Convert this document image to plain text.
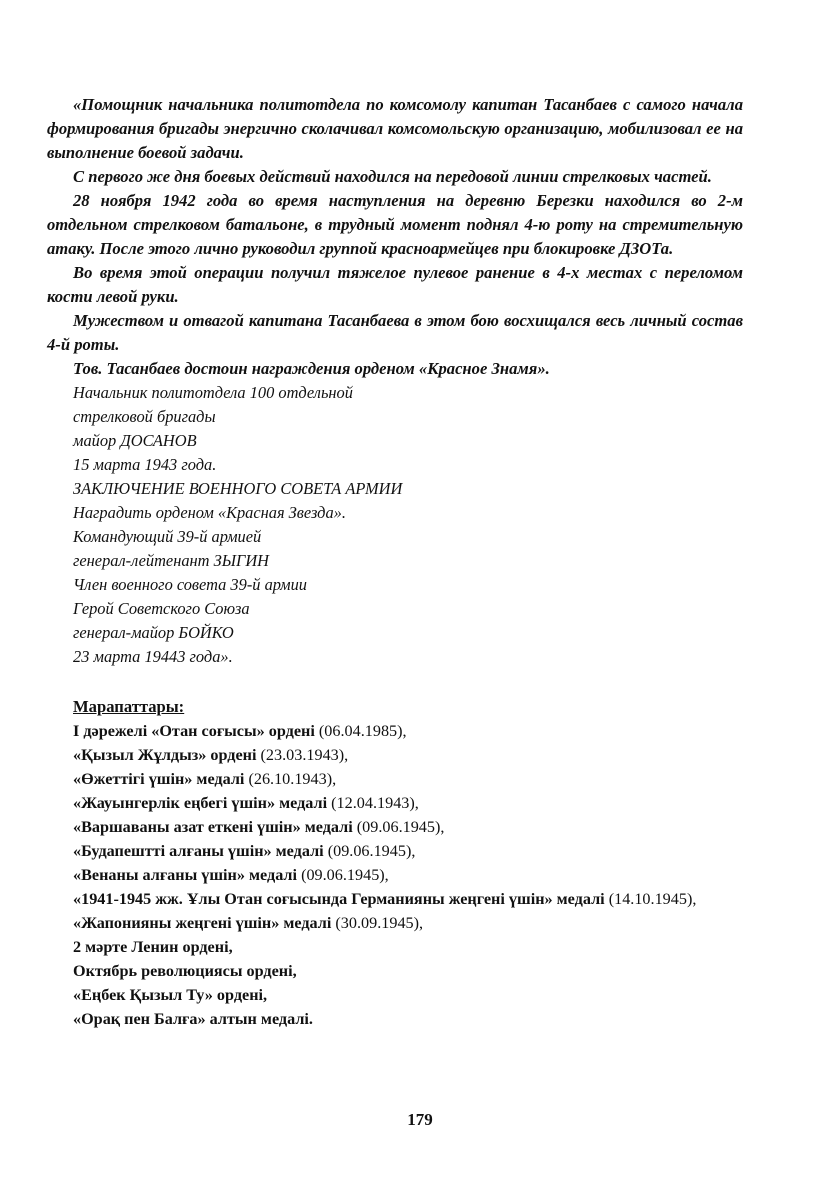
«Помощник начальника политотдела по комсомолу капитан Тасанбаев с самого начала формирования бригады энергично сколачивал комсомольскую организацию, мобилизовал ее на выполнение боевой задачи.

С первого же дня боевых действий находился на передовой линии стрелковых частей.

28 ноября 1942 года во время наступления на деревню Березки находился во 2-м отдельном стрелковом батальоне, в трудный момент поднял 4-ю роту на стремительную атаку. После этого лично руководил группой красноармейцев при блокировке ДЗОТа.

Во время этой операции получил тяжелое пулевое ранение в 4-х местах с переломом кости левой руки.

Мужеством и отвагой капитана Тасанбаева в этом бою восхищался весь личный состав 4-й роты.

Тов. Тасанбаев достоин награждения орденом «Красное Знамя».

Начальник политотдела 100 отдельной
стрелковой бригады
майор ДОСАНОВ
15 марта 1943 года.
ЗАКЛЮЧЕНИЕ ВОЕННОГО СОВЕТА АРМИИ
Наградить орденом «Красная Звезда».
Командующий 39-й армией
генерал-лейтенант ЗЫГИН
Член военного совета 39-й армии
Герой Советского Союза
генерал-майор БОЙКО
23 марта 19443 года».

Марапаттары:

І дәрежелі «Отан соғысы» ордені (06.04.1985),

«Қызыл Жұлдыз» ордені (23.03.1943),

«Өжеттігі үшін» медалі (26.10.1943),

«Жауынгерлік еңбегі үшін» медалі (12.04.1943),

«Варшаваны азат еткені үшін» медалі (09.06.1945),

«Будапештті алғаны үшін» медалі (09.06.1945),

«Венаны алғаны үшін» медалі (09.06.1945),

«1941-1945 жж. Ұлы Отан соғысында Германияны жеңгені үшін» медалі (14.10.1945),

«Жапонияны жеңгені үшін» медалі (30.09.1945),

2 мәрте Ленин ордені,

Октябрь революциясы ордені,

«Еңбек Қызыл Ту» ордені,

«Орақ пен Балға» алтын медалі.

179
